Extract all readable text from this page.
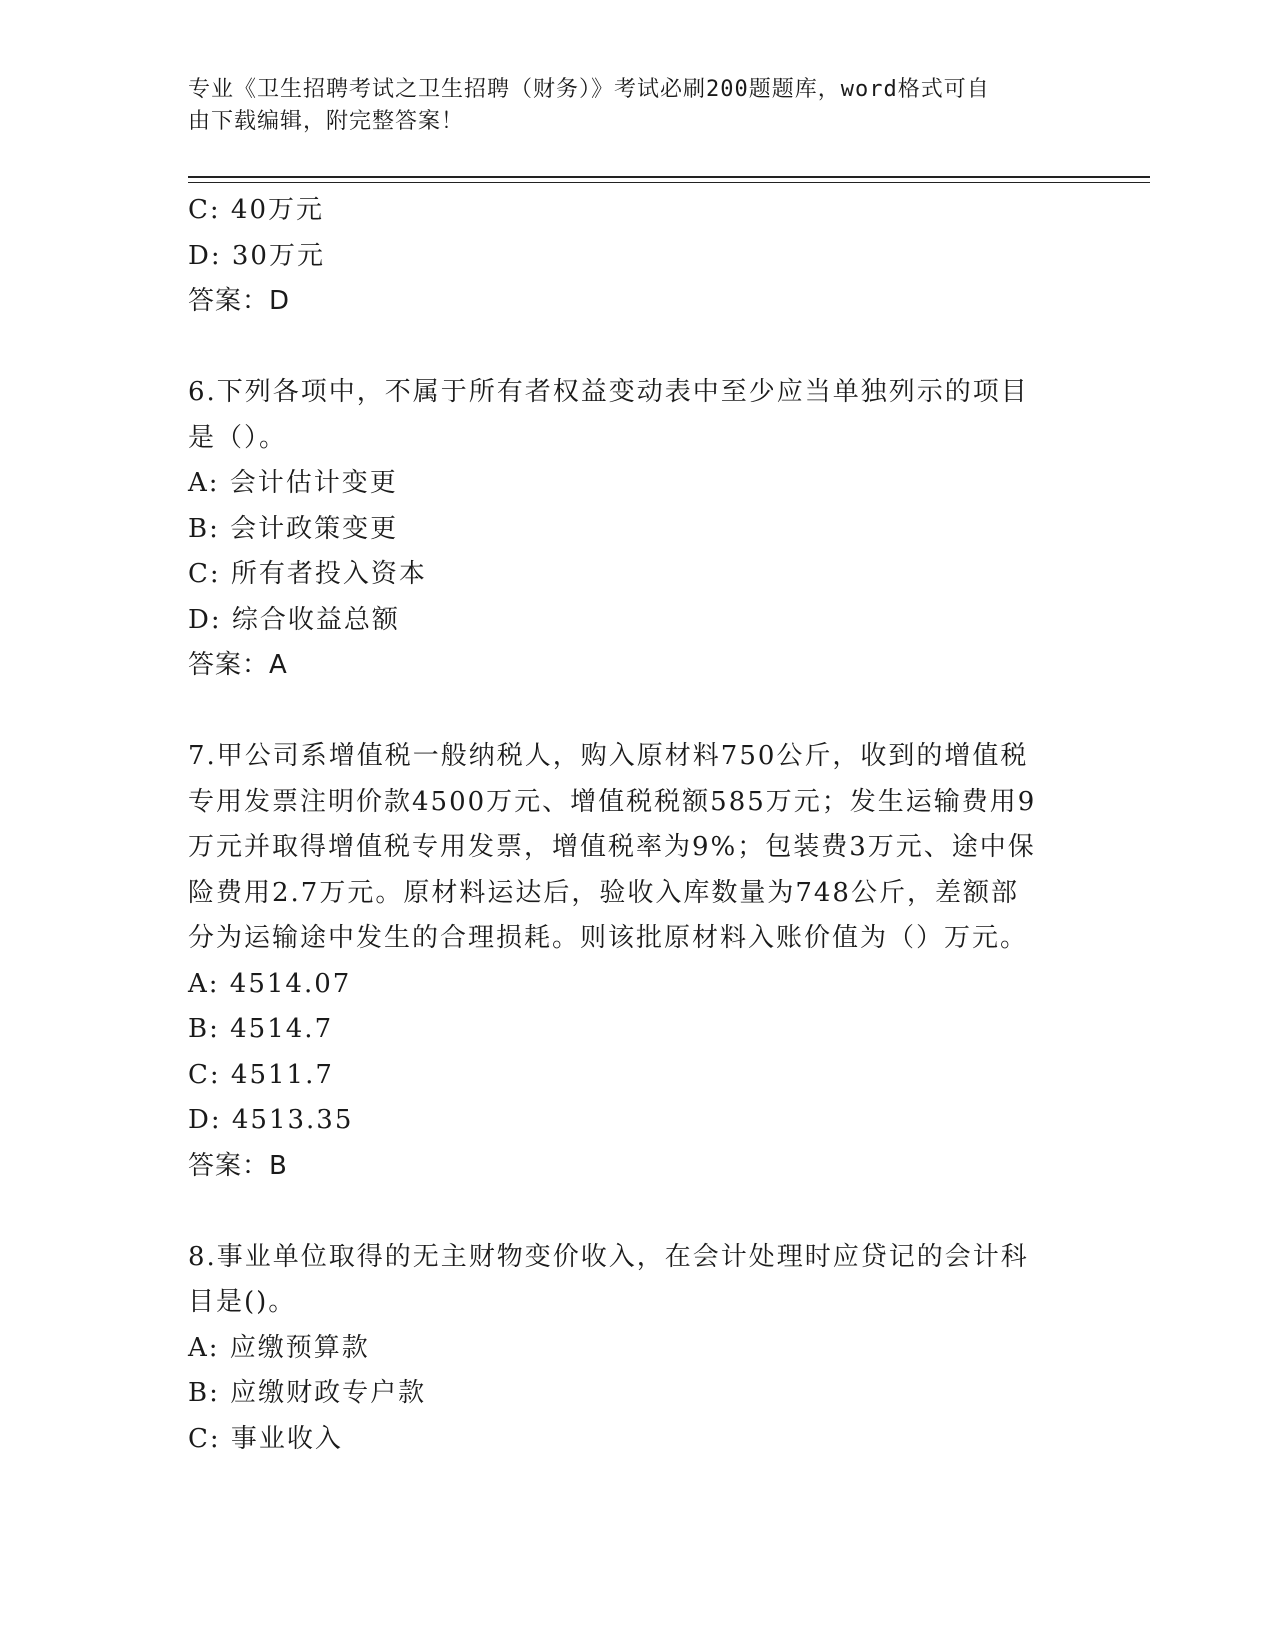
专业《卫生招聘考试之卫生招聘（财务）》考试必刷200题题库，word格式可自
由下载编辑，附完整答案！
C: 40万元
D: 30万元
答案：D
6.下列各项中，不属于所有者权益变动表中至少应当单独列示的项目
是（）。
A: 会计估计变更
B: 会计政策变更
C: 所有者投入资本
D: 综合收益总额
答案：A
7.甲公司系增值税一般纳税人，购入原材料750公斤，收到的增值税
专用发票注明价款4500万元、增值税税额585万元；发生运输费用9
万元并取得增值税专用发票，增值税率为9%；包装费3万元、途中保
险费用2.7万元。原材料运达后，验收入库数量为748公斤，差额部
分为运输途中发生的合理损耗。则该批原材料入账价值为（）万元。
A: 4514.07
B: 4514.7
C: 4511.7
D: 4513.35
答案：B
8.事业单位取得的无主财物变价收入，在会计处理时应贷记的会计科
目是()。
A: 应缴预算款
B: 应缴财政专户款
C: 事业收入
